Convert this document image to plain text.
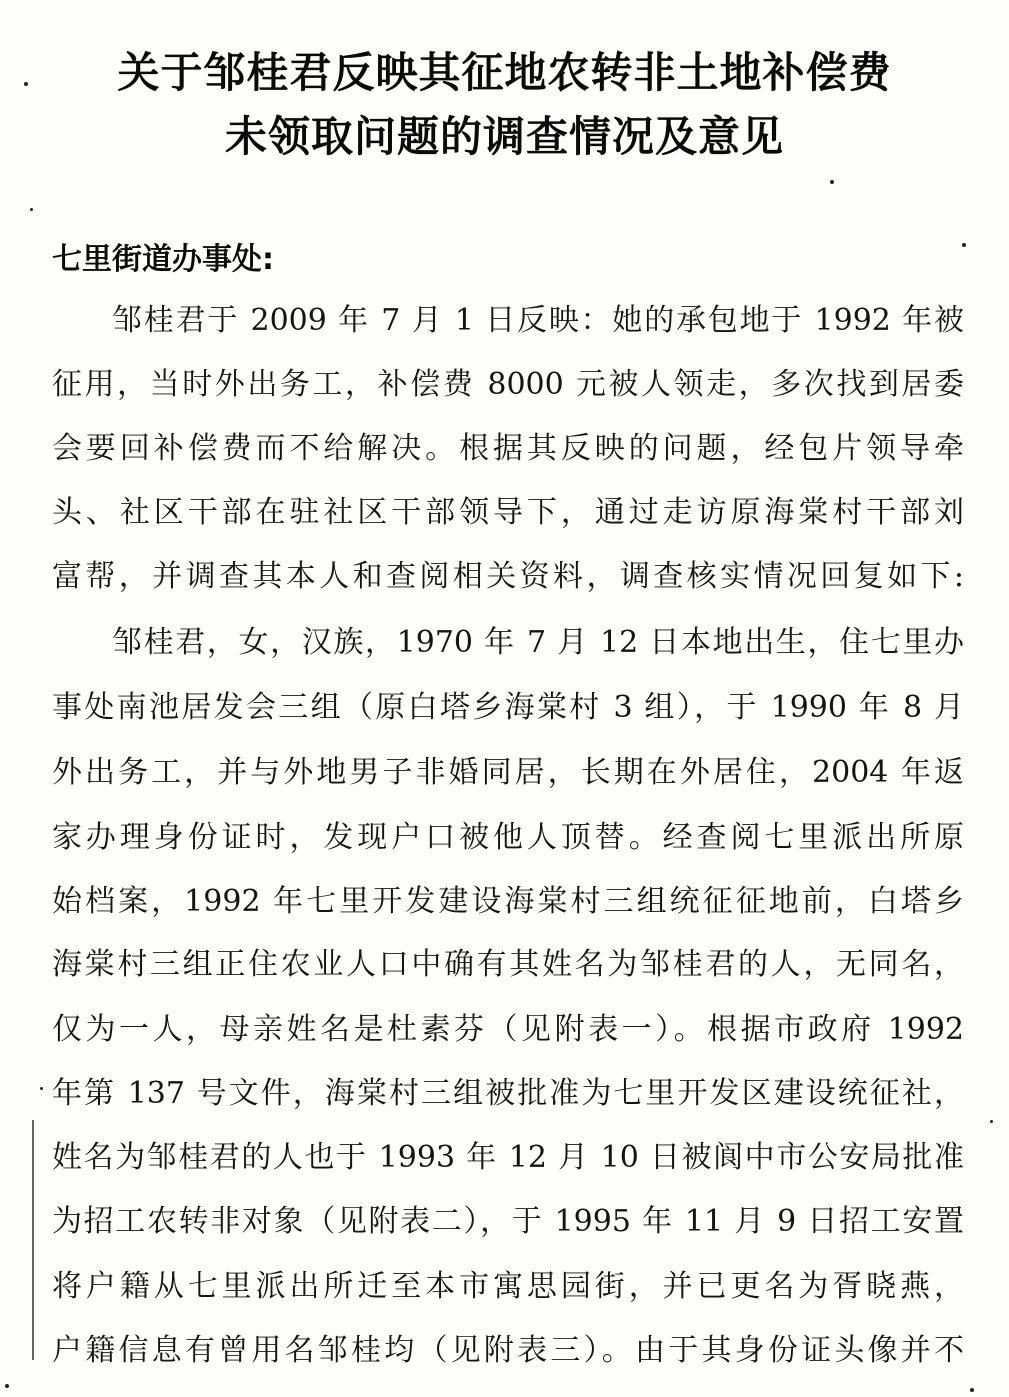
关于邹桂君反映其征地农转非土地补偿费
未领取问题的调查情况及意见
七里街道办事处:
邹桂君于 2009 年 7 月 1 日反映：她的承包地于 1992 年被
征用，当时外出务工，补偿费 8000 元被人领走，多次找到居委
会要回补偿费而不给解决。根据其反映的问题，经包片领导牵
头、社区干部在驻社区干部领导下，通过走访原海棠村干部刘
富帮，并调查其本人和查阅相关资料，调查核实情况回复如下:
邹桂君，女，汉族，1970 年 7 月 12 日本地出生，住七里办
事处南池居发会三组（原白塔乡海棠村 3 组），于 1990 年 8 月
外出务工，并与外地男子非婚同居，长期在外居住，2004 年返
家办理身份证时，发现户口被他人顶替。经查阅七里派出所原
始档案，1992 年七里开发建设海棠村三组统征征地前，白塔乡
海棠村三组正住农业人口中确有其姓名为邹桂君的人，无同名，
仅为一人，母亲姓名是杜素芬（见附表一）。根据市政府 1992
年第 137 号文件，海棠村三组被批准为七里开发区建设统征社，
姓名为邹桂君的人也于 1993 年 12 月 10 日被阆中市公安局批准
为招工农转非对象（见附表二），于 1995 年 11 月 9 日招工安置
将户籍从七里派出所迁至本市寓思园街，并已更名为胥晓燕，
户籍信息有曾用名邹桂均（见附表三）。由于其身份证头像并不
